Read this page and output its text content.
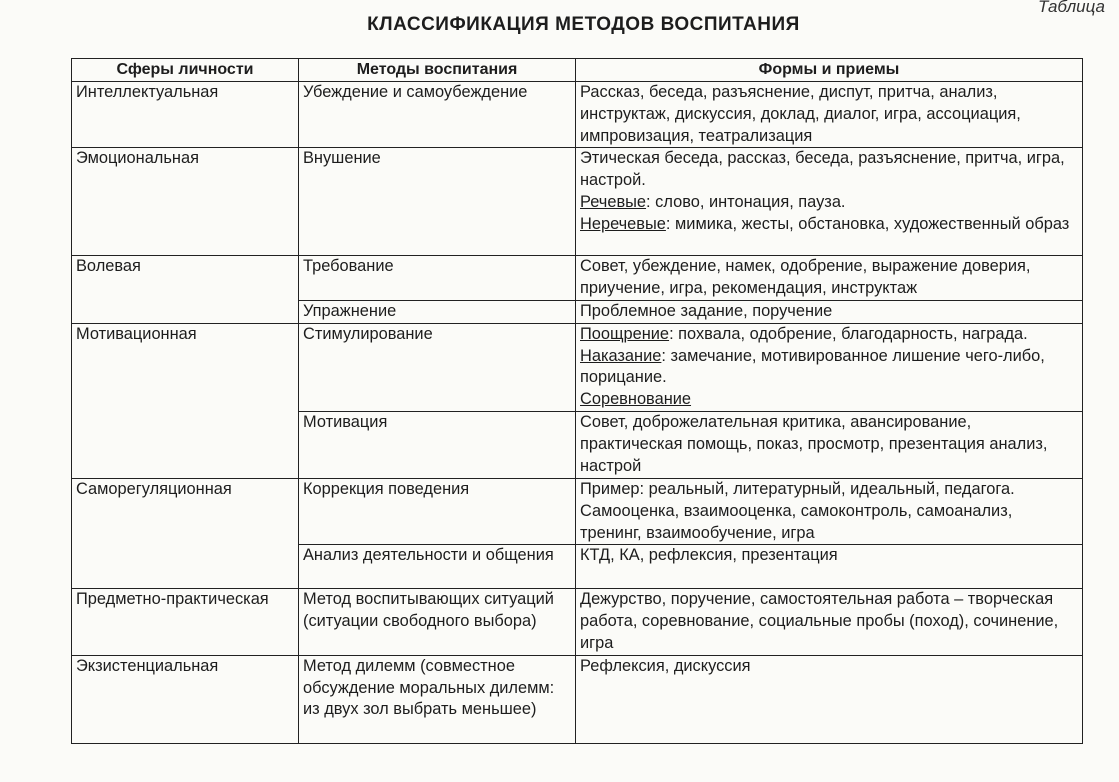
Таблица
КЛАССИФИКАЦИЯ МЕТОДОВ ВОСПИТАНИЯ
Сферы личности	Методы воспитания	Формы и приемы
Интеллектуальная	Убеждение и самоубеждение	Рассказ, беседа, разъяснение, диспут, притча, анализ, инструктаж, дискуссия, доклад, диалог, игра, ассоциация, импровизация, театрализация
Эмоциональная	Внушение	Этическая беседа, рассказ, беседа, разъяснение, притча, игра, настрой.
Речевые: слово, интонация, пауза.
Неречевые: мимика, жесты, обстановка, художественный образ

Волевая	Требование	Совет, убеждение, намек, одобрение, выражение доверия, приучение, игра, рекомендация, инструктаж
	Упражнение	Проблемное задание, поручение
Мотивационная	Стимулирование	Поощрение: похвала, одобрение, благодарность, награда.
Наказание: замечание, мотивированное лишение чего-либо, порицание.
Соревнование

	Мотивация	Совет, доброжелательная критика, авансирование, практическая помощь, показ, просмотр, презентация анализ, настрой
Саморегуляционная	Коррекция поведения	Пример: реальный, литературный, идеальный, педагога. Самооценка, взаимооценка, самоконтроль, самоанализ, тренинг, взаимообучение, игра
	Анализ деятельности и общения	КТД, КА, рефлексия, презентация
Предметно-практическая	Метод воспитывающих ситуаций (ситуации свободного выбора)	Дежурство, поручение, самостоятельная работа – творческая работа, соревнование, социальные пробы (поход), сочинение, игра
Экзистенциальная	Метод дилемм (совместное обсуждение моральных дилемм: из двух зол выбрать меньшее)	Рефлексия, дискуссия
